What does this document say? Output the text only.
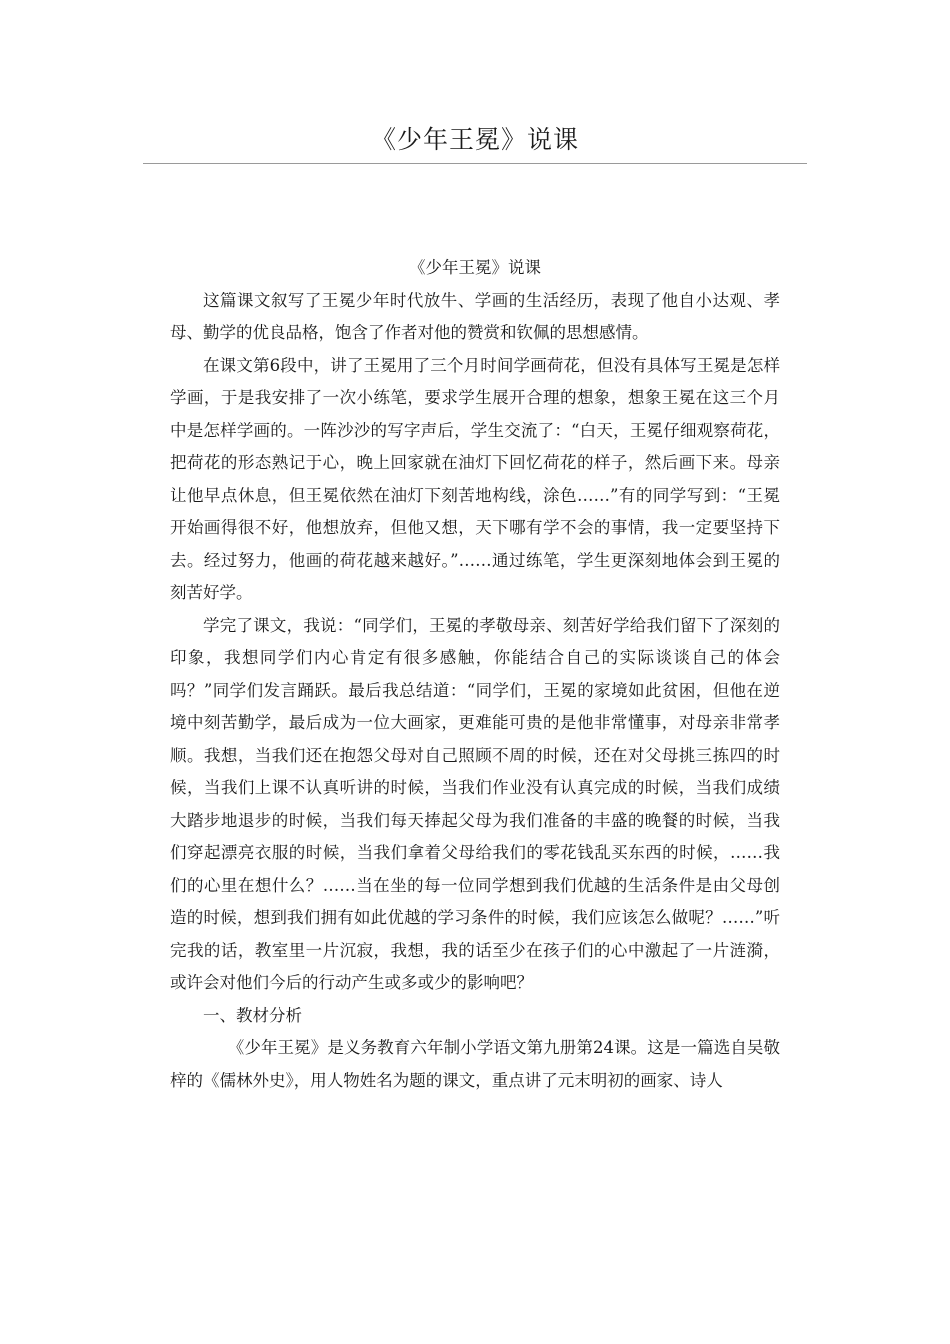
《少年王冕》说课
《少年王冕》说课

这篇课文叙写了王冕少年时代放牛、学画的生活经历，表现了他自小达观、孝母、勤学的优良品格，饱含了作者对他的赞赏和钦佩的思想感情。

在课文第6段中，讲了王冕用了三个月时间学画荷花，但没有具体写王冕是怎样学画，于是我安排了一次小练笔，要求学生展开合理的想象，想象王冕在这三个月中是怎样学画的。一阵沙沙的写字声后，学生交流了：“白天，王冕仔细观察荷花，把荷花的形态熟记于心，晚上回家就在油灯下回忆荷花的样子，然后画下来。母亲让他早点休息，但王冕依然在油灯下刻苦地构线，涂色……”有的同学写到：“王冕开始画得很不好，他想放弃，但他又想，天下哪有学不会的事情，我一定要坚持下去。经过努力，他画的荷花越来越好。”……通过练笔，学生更深刻地体会到王冕的刻苦好学。

学完了课文，我说：“同学们，王冕的孝敬母亲、刻苦好学给我们留下了深刻的印象，我想同学们内心肯定有很多感触，你能结合自己的实际谈谈自己的体会吗？”同学们发言踊跃。最后我总结道：“同学们，王冕的家境如此贫困，但他在逆境中刻苦勤学，最后成为一位大画家，更难能可贵的是他非常懂事，对母亲非常孝顺。我想，当我们还在抱怨父母对自己照顾不周的时候，还在对父母挑三拣四的时候，当我们上课不认真听讲的时候，当我们作业没有认真完成的时候，当我们成绩大踏步地退步的时候，当我们每天捧起父母为我们准备的丰盛的晚餐的时候，当我们穿起漂亮衣服的时候，当我们拿着父母给我们的零花钱乱买东西的时候，……我们的心里在想什么？……当在坐的每一位同学想到我们优越的生活条件是由父母创造的时候，想到我们拥有如此优越的学习条件的时候，我们应该怎么做呢？……”听完我的话，教室里一片沉寂，我想，我的话至少在孩子们的心中激起了一片涟漪，或许会对他们今后的行动产生或多或少的影响吧？

一、教材分析

《少年王冕》是义务教育六年制小学语文第九册第24课。这是一篇选自吴敬梓的《儒林外史》，用人物姓名为题的课文，重点讲了元末明初的画家、诗人
